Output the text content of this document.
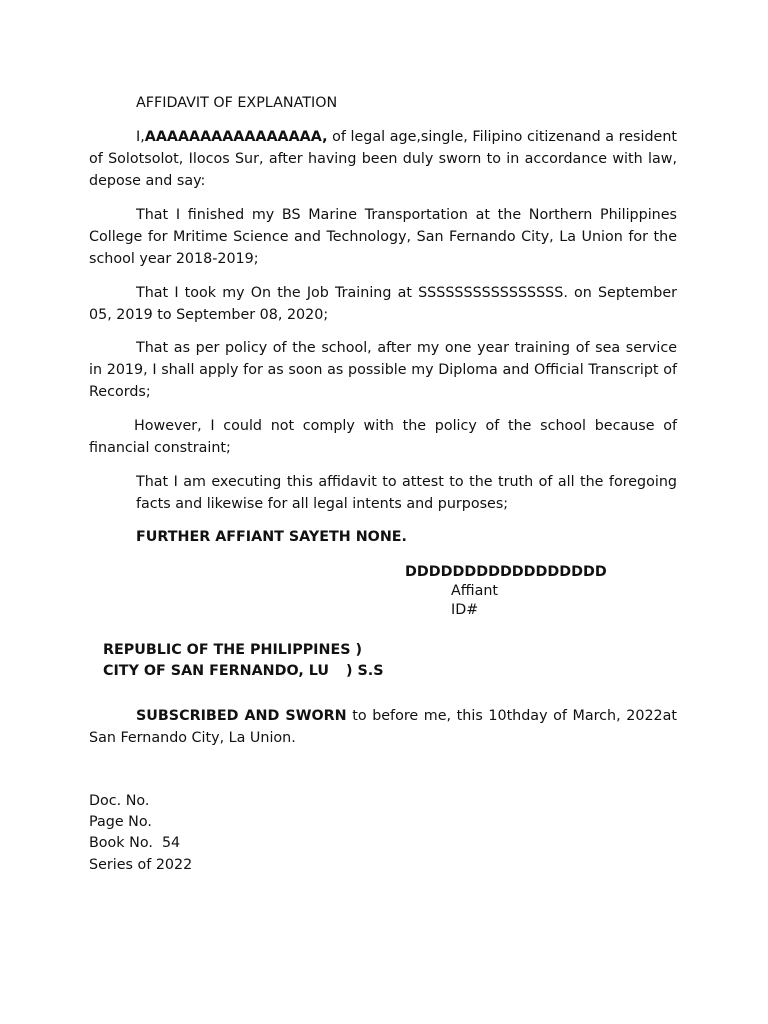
AFFIDAVIT OF EXPLANATION

I,AAAAAAAAAAAAAAAA, of legal age,single, Filipino citizenand a resident of Solotsolot, Ilocos Sur, after having been duly sworn to in accordance with law, depose and say:

That I finished my BS Marine Transportation at the Northern Philippines College for Mritime Science and Technology, San Fernando City, La Union for the school year 2018-2019;

That I took my On the Job Training at SSSSSSSSSSSSSSSS. on September 05, 2019 to September 08, 2020;

That as per policy of the school, after my one year training of sea service in 2019, I shall apply for as soon as possible my Diploma and Official Transcript of Records;

However, I could not comply with the policy of the school because of financial constraint;

That I am executing this affidavit to attest to the truth of all the foregoing facts and likewise for all legal intents and purposes;

FURTHER AFFIANT SAYETH NONE.

DDDDDDDDDDDDDDDDD

Affiant

ID#

REPUBLIC OF THE PHILIPPINES )

CITY OF SAN FERNANDO, LU ) S.S

SUBSCRIBED AND SWORN to before me, this 10thday of March, 2022at San Fernando City, La Union.

Doc. No.

Page No.

Book No.  54

Series of 2022
